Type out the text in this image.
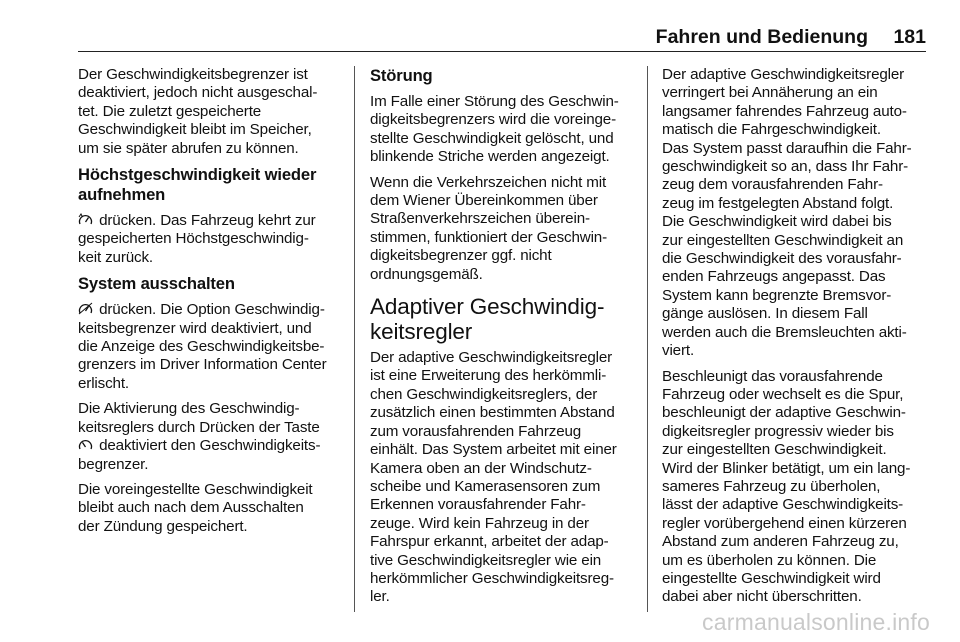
Fahren und Bedienung 181

Der Geschwindigkeitsbegrenzer ist
deaktiviert, jedoch nicht ausgeschal‐
tet. Die zuletzt gespeicherte
Geschwindigkeit bleibt im Speicher,
um sie später abrufen zu können.

Höchstgeschwindigkeit wieder
aufnehmen

drücken. Das Fahrzeug kehrt zur
gespeicherten Höchstgeschwindig‐
keit zurück.

System ausschalten

drücken. Die Option Geschwindig‐
keitsbegrenzer wird deaktiviert, und
die Anzeige des Geschwindigkeitsbe‐
grenzers im Driver Information Center
erlischt.

Die Aktivierung des Geschwindig‐
keitsreglers durch Drücken der Taste
deaktiviert den Geschwindigkeits‐
begrenzer.

Die voreingestellte Geschwindigkeit
bleibt auch nach dem Ausschalten
der Zündung gespeichert.

Störung

Im Falle einer Störung des Geschwin‐
digkeitsbegrenzers wird die voreinge‐
stellte Geschwindigkeit gelöscht, und
blinkende Striche werden angezeigt.

Wenn die Verkehrszeichen nicht mit
dem Wiener Übereinkommen über
Straßenverkehrszeichen überein‐
stimmen, funktioniert der Geschwin‐
digkeitsbegrenzer ggf. nicht
ordnungsgemäß.

Adaptiver Geschwindig‐
keitsregler

Der adaptive Geschwindigkeitsregler
ist eine Erweiterung des herkömmli‐
chen Geschwindigkeitsreglers, der
zusätzlich einen bestimmten Abstand
zum vorausfahrenden Fahrzeug
einhält. Das System arbeitet mit einer
Kamera oben an der Windschutz‐
scheibe und Kamerasensoren zum
Erkennen vorausfahrender Fahr‐
zeuge. Wird kein Fahrzeug in der
Fahrspur erkannt, arbeitet der adap‐
tive Geschwindigkeitsregler wie ein
herkömmlicher Geschwindigkeitsreg‐
ler.

Der adaptive Geschwindigkeitsregler
verringert bei Annäherung an ein
langsamer fahrendes Fahrzeug auto‐
matisch die Fahrgeschwindigkeit.
Das System passt daraufhin die Fahr‐
geschwindigkeit so an, dass Ihr Fahr‐
zeug dem vorausfahrenden Fahr‐
zeug im festgelegten Abstand folgt.
Die Geschwindigkeit wird dabei bis
zur eingestellten Geschwindigkeit an
die Geschwindigkeit des vorausfahr‐
enden Fahrzeugs angepasst. Das
System kann begrenzte Bremsvor‐
gänge auslösen. In diesem Fall
werden auch die Bremsleuchten akti‐
viert.

Beschleunigt das vorausfahrende
Fahrzeug oder wechselt es die Spur,
beschleunigt der adaptive Geschwin‐
digkeitsregler progressiv wieder bis
zur eingestellten Geschwindigkeit.
Wird der Blinker betätigt, um ein lang‐
sameres Fahrzeug zu überholen,
lässt der adaptive Geschwindigkeits‐
regler vorübergehend einen kürzeren
Abstand zum anderen Fahrzeug zu,
um es überholen zu können. Die
eingestellte Geschwindigkeit wird
dabei aber nicht überschritten.

carmanualsonline.info
